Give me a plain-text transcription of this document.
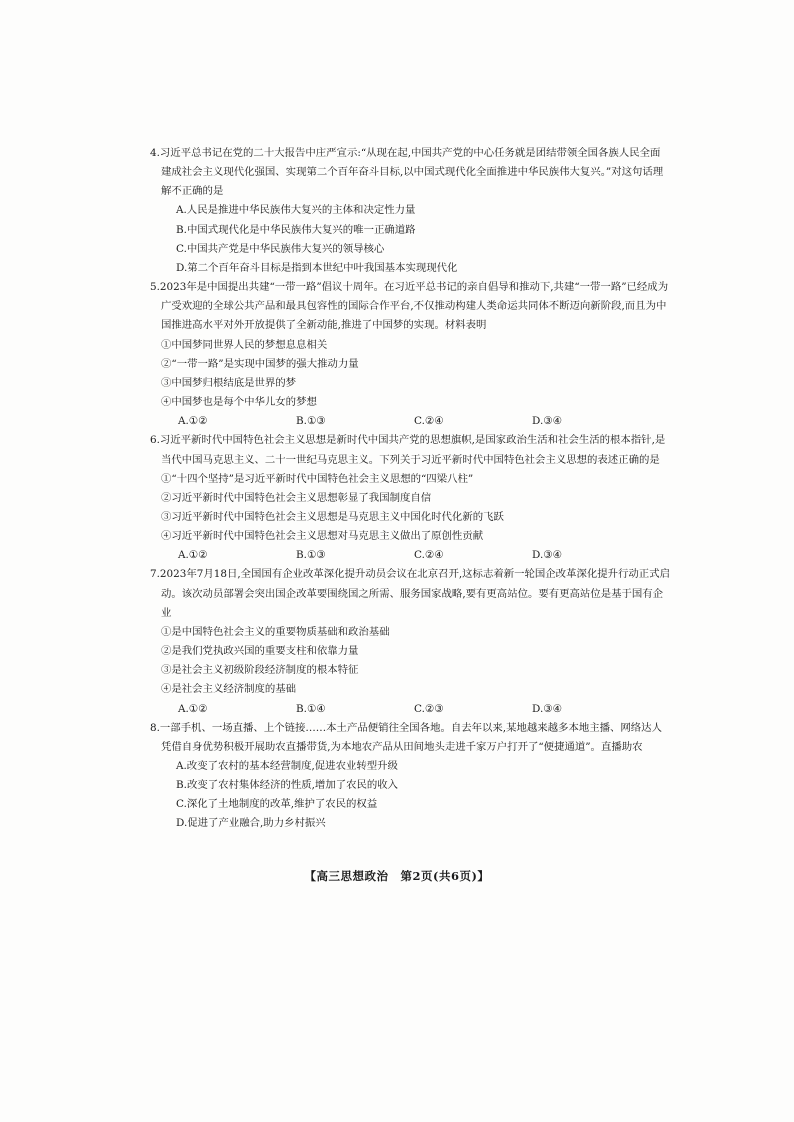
4.习近平总书记在党的二十大报告中庄严宣示:“从现在起,中国共产党的中心任务就是团结带领全国各族人民全面建成社会主义现代化强国、实现第二个百年奋斗目标,以中国式现代化全面推进中华民族伟大复兴。”对这句话理解不正确的是

A.人民是推进中华民族伟大复兴的主体和决定性力量

B.中国式现代化是中华民族伟大复兴的唯一正确道路

C.中国共产党是中华民族伟大复兴的领导核心

D.第二个百年奋斗目标是指到本世纪中叶我国基本实现现代化

5.2023年是中国提出共建“一带一路”倡议十周年。在习近平总书记的亲自倡导和推动下,共建“一带一路”已经成为广受欢迎的全球公共产品和最具包容性的国际合作平台,不仅推动构建人类命运共同体不断迈向新阶段,而且为中国推进高水平对外开放提供了全新动能,推进了中国梦的实现。材料表明

①中国梦同世界人民的梦想息息相关

②“一带一路”是实现中国梦的强大推动力量

③中国梦归根结底是世界的梦

④中国梦也是每个中华儿女的梦想

A.①②	B.①③	C.②④	D.③④

6.习近平新时代中国特色社会主义思想是新时代中国共产党的思想旗帜,是国家政治生活和社会生活的根本指针,是当代中国马克思主义、二十一世纪马克思主义。下列关于习近平新时代中国特色社会主义思想的表述正确的是

①“十四个坚持”是习近平新时代中国特色社会主义思想的“四梁八柱”

②习近平新时代中国特色社会主义思想彰显了我国制度自信

③习近平新时代中国特色社会主义思想是马克思主义中国化时代化新的飞跃

④习近平新时代中国特色社会主义思想对马克思主义做出了原创性贡献

A.①②	B.①③	C.②④	D.③④

7.2023年7月18日,全国国有企业改革深化提升动员会议在北京召开,这标志着新一轮国企改革深化提升行动正式启动。该次动员部署会突出国企改革要围绕国之所需、服务国家战略,要有更高站位。要有更高站位是基于国有企业

①是中国特色社会主义的重要物质基础和政治基础

②是我们党执政兴国的重要支柱和依靠力量

③是社会主义初级阶段经济制度的根本特征

④是社会主义经济制度的基础

A.①②	B.①④	C.②③	D.③④

8.一部手机、一场直播、上个链接……本土产品便销往全国各地。自去年以来,某地越来越多本地主播、网络达人凭借自身优势积极开展助农直播带货,为本地农产品从田间地头走进千家万户打开了“便捷通道”。直播助农

A.改变了农村的基本经营制度,促进农业转型升级

B.改变了农村集体经济的性质,增加了农民的收入

C.深化了土地制度的改革,维护了农民的权益

D.促进了产业融合,助力乡村振兴

【高三思想政治　第2页(共6页)】
